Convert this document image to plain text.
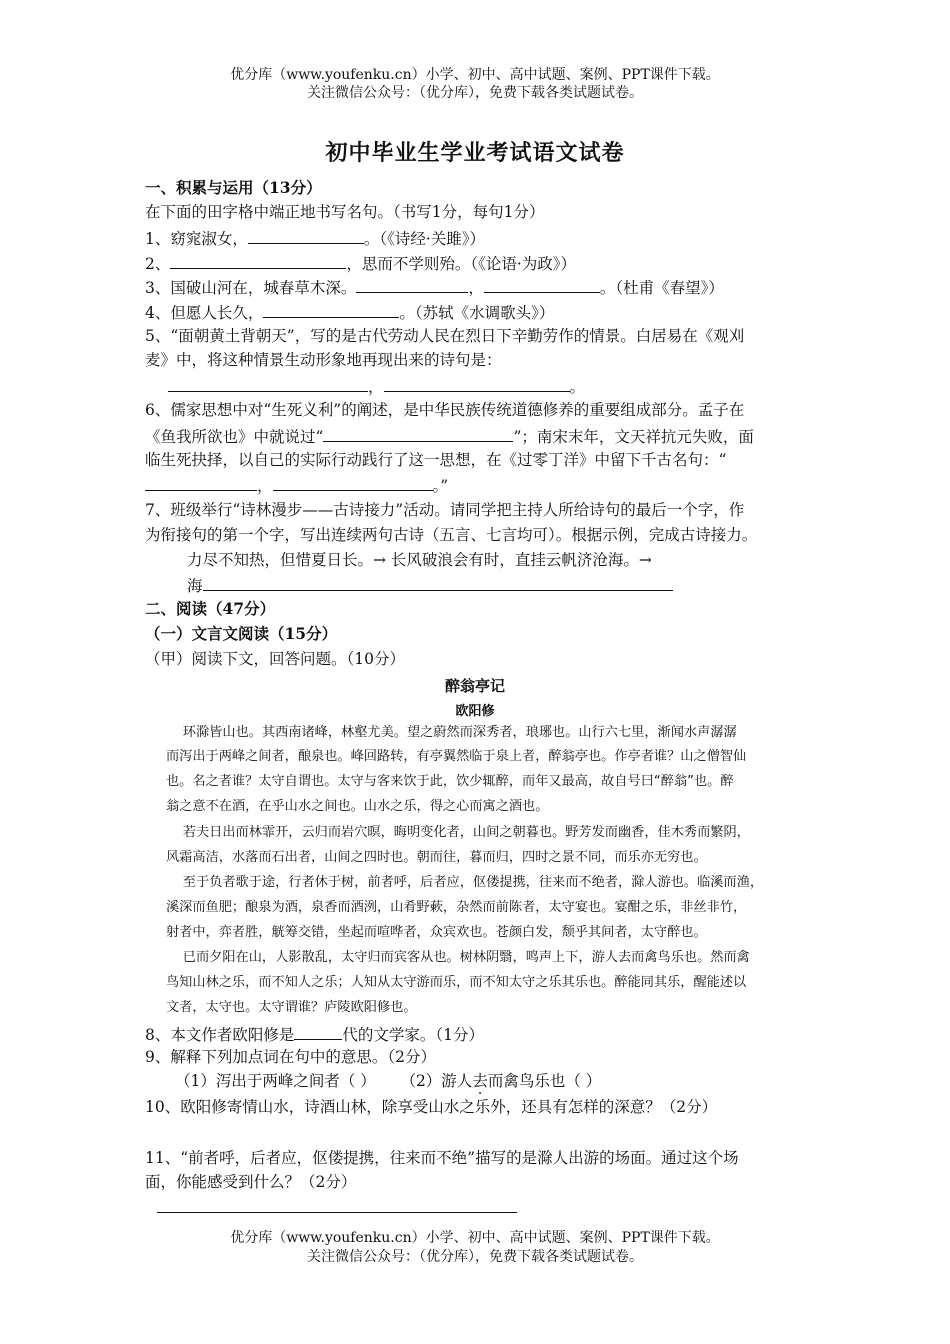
优分库（www.youfenku.cn）小学、初中、高中试题、案例、PPT课件下载。
关注微信公众号：（优分库），免费下载各类试题试卷。
初中毕业生学业考试语文试卷
一、积累与运用（13分）
在下面的田字格中端正地书写名句。（书写1分，每句1分）
1、窈窕淑女，	。（《诗经·关雎》）
2、	，思而不学则殆。（《论语·为政》）
3、国破山河在，城春草木深。	，	。（杜甫《春望》）
4、但愿人长久，	。（苏轼《水调歌头》）
5、“面朝黄土背朝天”，写的是古代劳动人民在烈日下辛勤劳作的情景。白居易在《观刈
麦》中，将这种情景生动形象地再现出来的诗句是：
，	。
6、儒家思想中对“生死义利”的阐述，是中华民族传统道德修养的重要组成部分。孟子在
《鱼我所欲也》中就说过“	”；南宋末年，文天祥抗元失败，面
临生死抉择，以自己的实际行动践行了这一思想，在《过零丁洋》中留下千古名句：“
，	。”
7、班级举行“诗林漫步——古诗接力”活动。请同学把主持人所给诗句的最后一个字，作
为衔接句的第一个字，写出连续两句古诗（五言、七言均可）。根据示例，完成古诗接力。
力尽不知热，但惜夏日长。→ 长风破浪会有时，直挂云帆济沧海。→
海
二、阅读（47分）
（一）文言文阅读（15分）
（甲）阅读下文，回答问题。（10分）
醉翁亭记
欧阳修
环滁皆山也。其西南诸峰，林壑尤美。望之蔚然而深秀者，琅琊也。山行六七里，渐闻水声潺潺
而泻出于两峰之间者，酿泉也。峰回路转，有亭翼然临于泉上者，醉翁亭也。作亭者谁？山之僧智仙
也。名之者谁？太守自谓也。太守与客来饮于此，饮少辄醉，而年又最高，故自号曰“醉翁”也。醉
翁之意不在酒，在乎山水之间也。山水之乐，得之心而寓之酒也。
若夫日出而林霏开，云归而岩穴暝，晦明变化者，山间之朝暮也。野芳发而幽香，佳木秀而繁阴，
风霜高洁，水落而石出者，山间之四时也。朝而往，暮而归，四时之景不同，而乐亦无穷也。
至于负者歌于途，行者休于树，前者呼，后者应，伛偻提携，往来而不绝者，滁人游也。临溪而渔，
溪深而鱼肥；酿泉为酒，泉香而酒洌，山肴野蔌，杂然而前陈者，太守宴也。宴酣之乐，非丝非竹，
射者中，弈者胜，觥筹交错，坐起而喧哗者，众宾欢也。苍颜白发，颓乎其间者，太守醉也。
已而夕阳在山，人影散乱，太守归而宾客从也。树林阴翳，鸣声上下，游人去而禽鸟乐也。然而禽
鸟知山林之乐，而不知人之乐；人知从太守游而乐，而不知太守之乐其乐也。醉能同其乐，醒能述以
文者，太守也。太守谓谁？庐陵欧阳修也。
8、本文作者欧阳修是	代的文学家。（1分）
9、解释下列加点词在句中的意思。（2分）
（1）泻出于两峰之间者（ ） （2）游人去而禽鸟乐也（ ）
10、欧阳修寄情山水，诗酒山林，除享受山水之乐外，还具有怎样的深意？（2分）
11、“前者呼，后者应，伛偻提携，往来而不绝”描写的是滁人出游的场面。通过这个场
面，你能感受到什么？（2分）
优分库（www.youfenku.cn）小学、初中、高中试题、案例、PPT课件下载。
关注微信公众号：（优分库），免费下载各类试题试卷。
